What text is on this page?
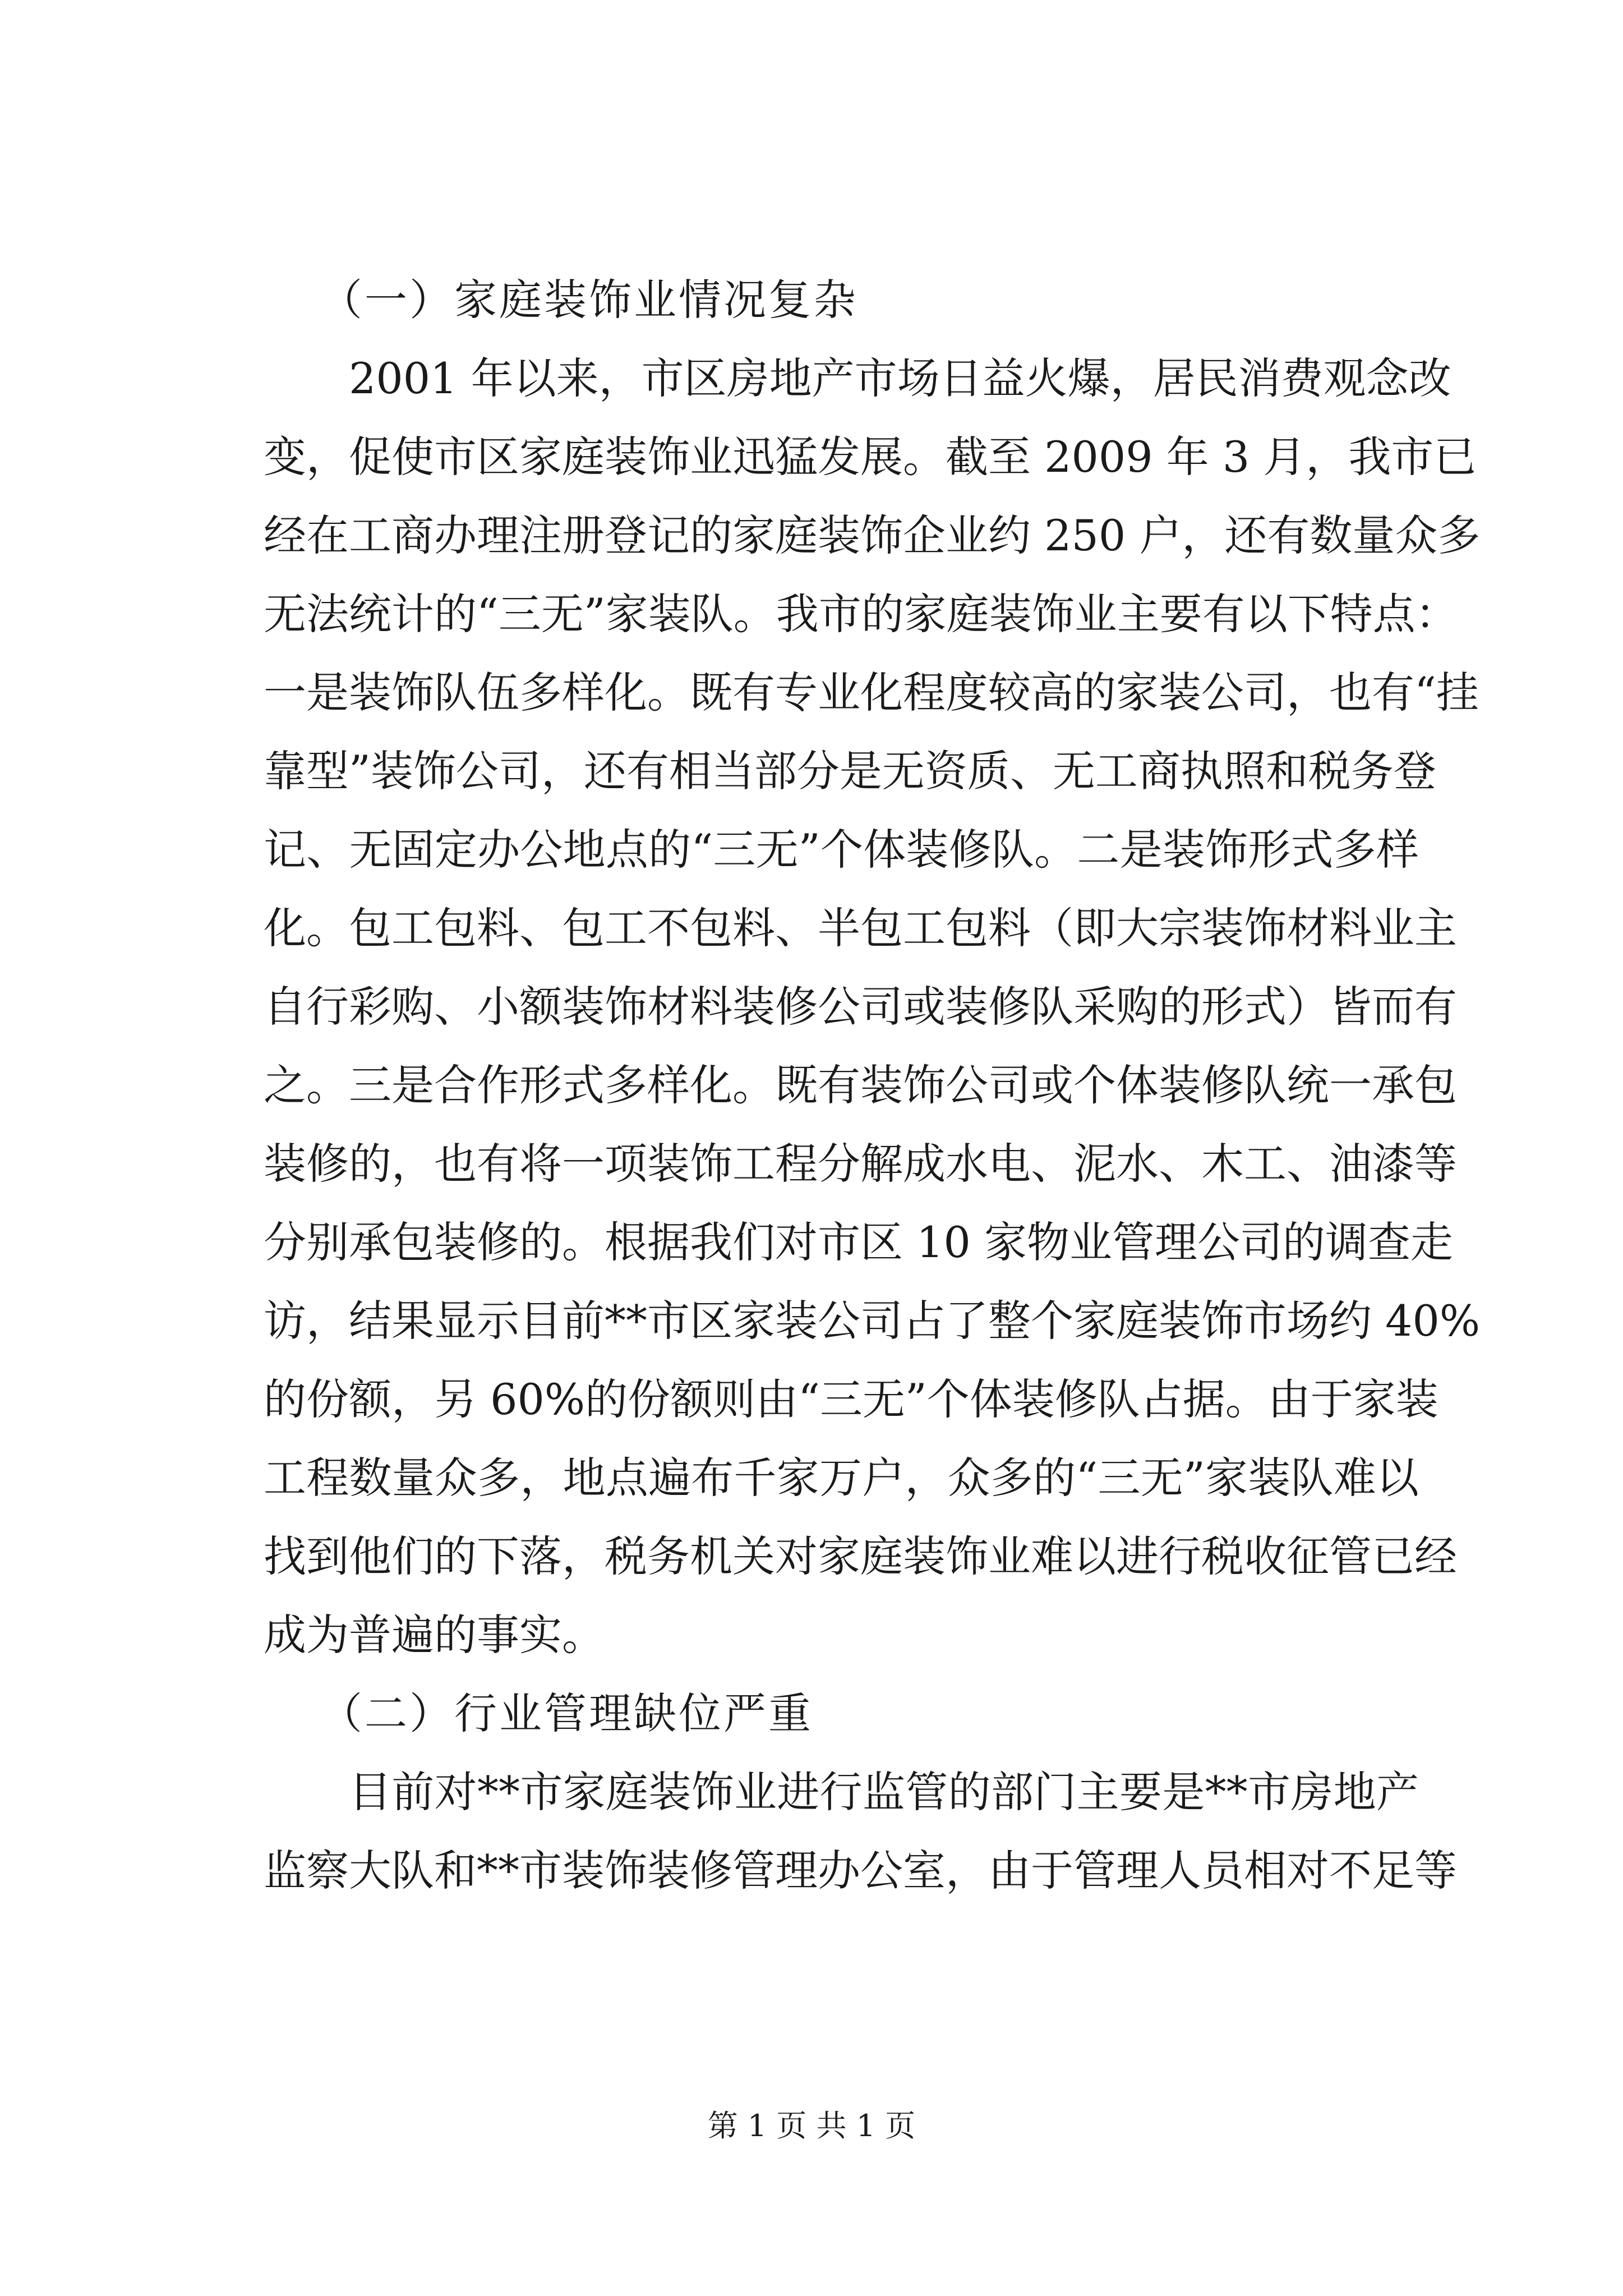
（一）家庭装饰业情况复杂
2001 年以来，市区房地产市场日益火爆，居民消费观念改
变，促使市区家庭装饰业迅猛发展。截至 2009 年 3 月，我市已
经在工商办理注册登记的家庭装饰企业约 250 户，还有数量众多
无法统计的“三无”家装队。我市的家庭装饰业主要有以下特点：
一是装饰队伍多样化。既有专业化程度较高的家装公司，也有“挂
靠型”装饰公司，还有相当部分是无资质、无工商执照和税务登
记、无固定办公地点的“三无”个体装修队。二是装饰形式多样
化。包工包料、包工不包料、半包工包料（即大宗装饰材料业主
自行彩购、小额装饰材料装修公司或装修队采购的形式）皆而有
之。三是合作形式多样化。既有装饰公司或个体装修队统一承包
装修的，也有将一项装饰工程分解成水电、泥水、木工、油漆等
分别承包装修的。根据我们对市区 10 家物业管理公司的调查走
访，结果显示目前**市区家装公司占了整个家庭装饰市场约 40%
的份额，另 60%的份额则由“三无”个体装修队占据。由于家装
工程数量众多，地点遍布千家万户，众多的“三无”家装队难以
找到他们的下落，税务机关对家庭装饰业难以进行税收征管已经
成为普遍的事实。
（二）行业管理缺位严重
目前对**市家庭装饰业进行监管的部门主要是**市房地产
监察大队和**市装饰装修管理办公室，由于管理人员相对不足等
第 1 页 共 1 页
